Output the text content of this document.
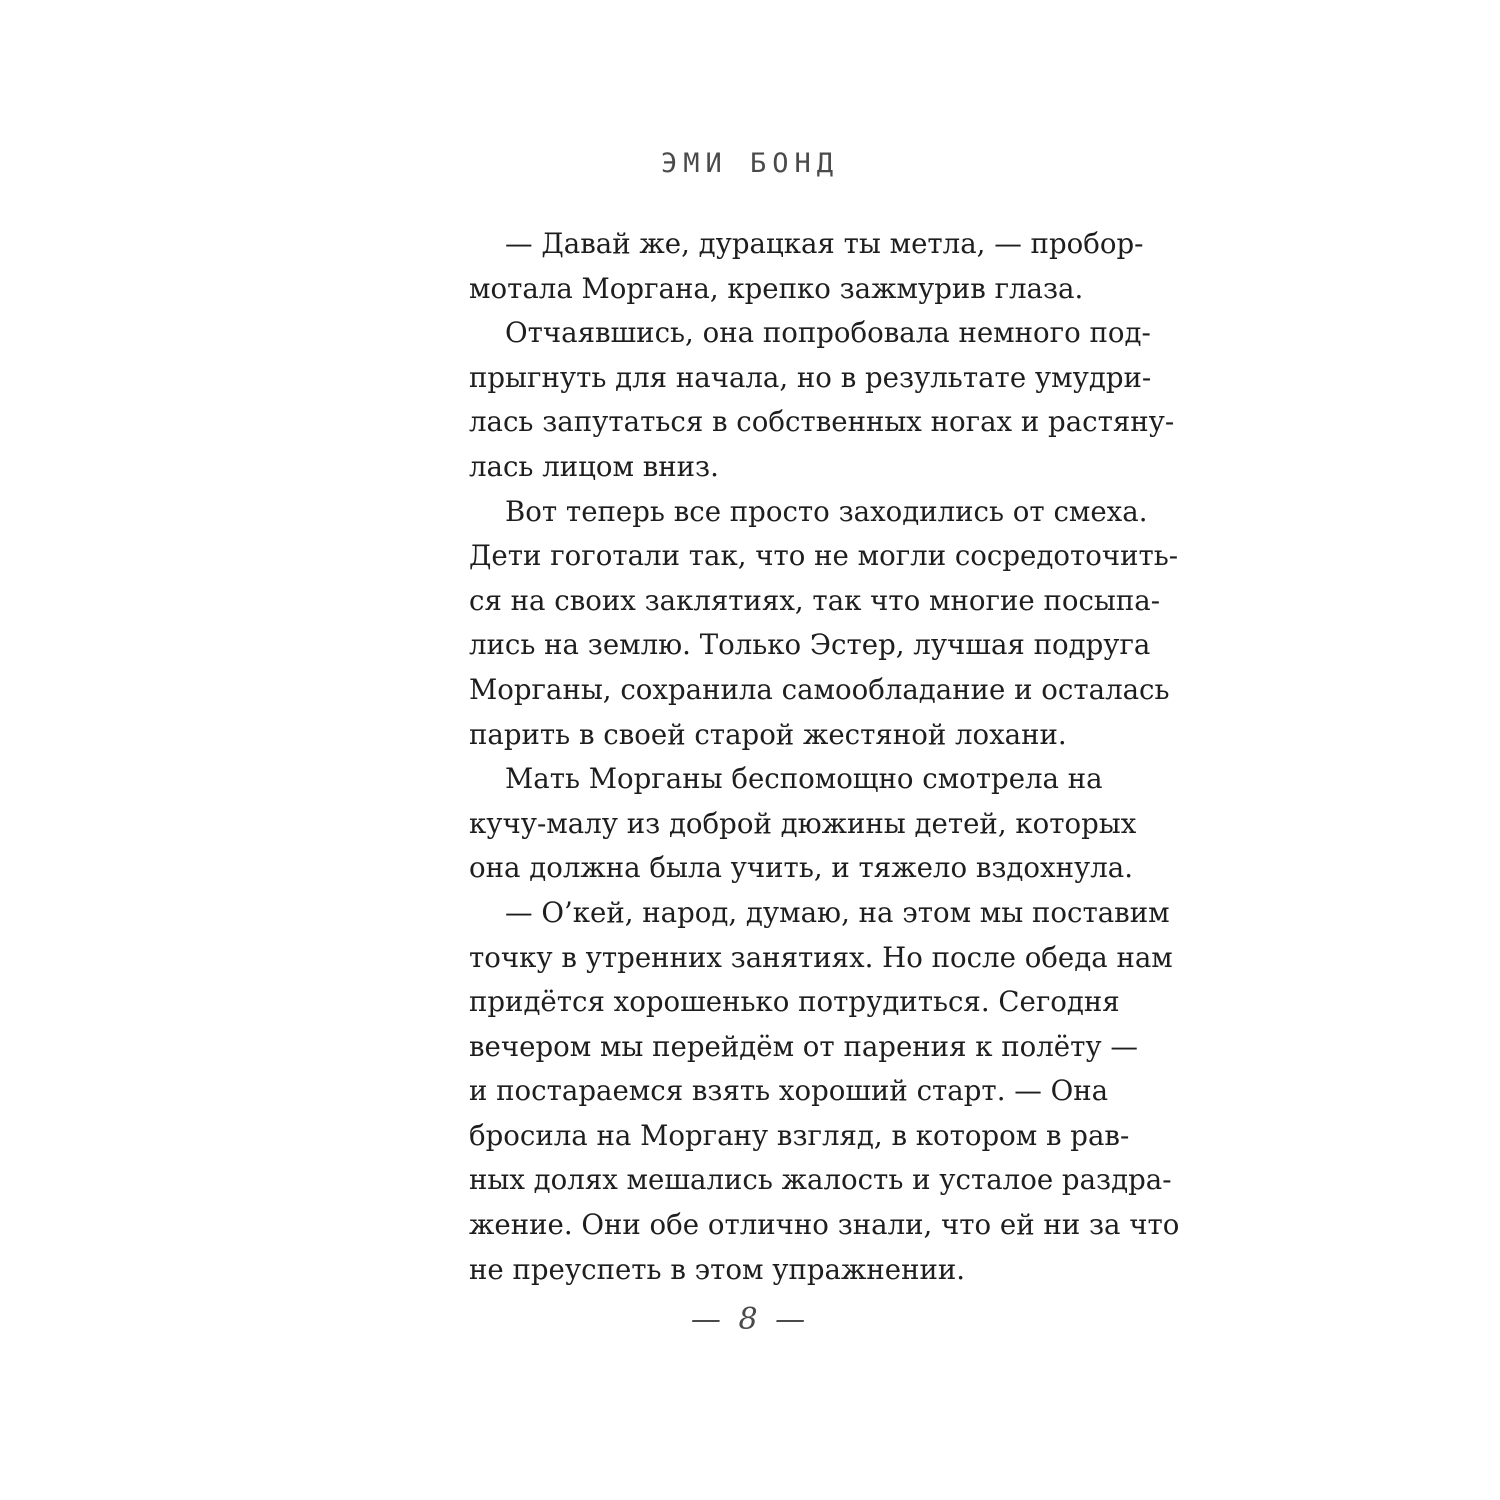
ЭМИ БОНД
— Давай же, дурацкая ты метла, — пробор-
мотала Моргана, крепко зажмурив глаза.
Отчаявшись, она попробовала немного под-
прыгнуть для начала, но в результате умудри-
лась запутаться в собственных ногах и растяну-
лась лицом вниз.
Вот теперь все просто заходились от смеха.
Дети гоготали так, что не могли сосредоточить-
ся на своих заклятиях, так что многие посыпа-
лись на землю. Только Эстер, лучшая подруга
Морганы, сохранила самообладание и осталась
парить в своей старой жестяной лохани.
Мать Морганы беспомощно смотрела на
кучу-малу из доброй дюжины детей, которых
она должна была учить, и тяжело вздохнула.
— О’кей, народ, думаю, на этом мы поставим
точку в утренних занятиях. Но после обеда нам
придётся хорошенько потрудиться. Сегодня
вечером мы перейдём от парения к полёту —
и постараемся взять хороший старт. — Она
бросила на Моргану взгляд, в котором в рав-
ных долях мешались жалость и усталое раздра-
жение. Они обе отлично знали, что ей ни за что
не преуспеть в этом упражнении.
— 8 —
